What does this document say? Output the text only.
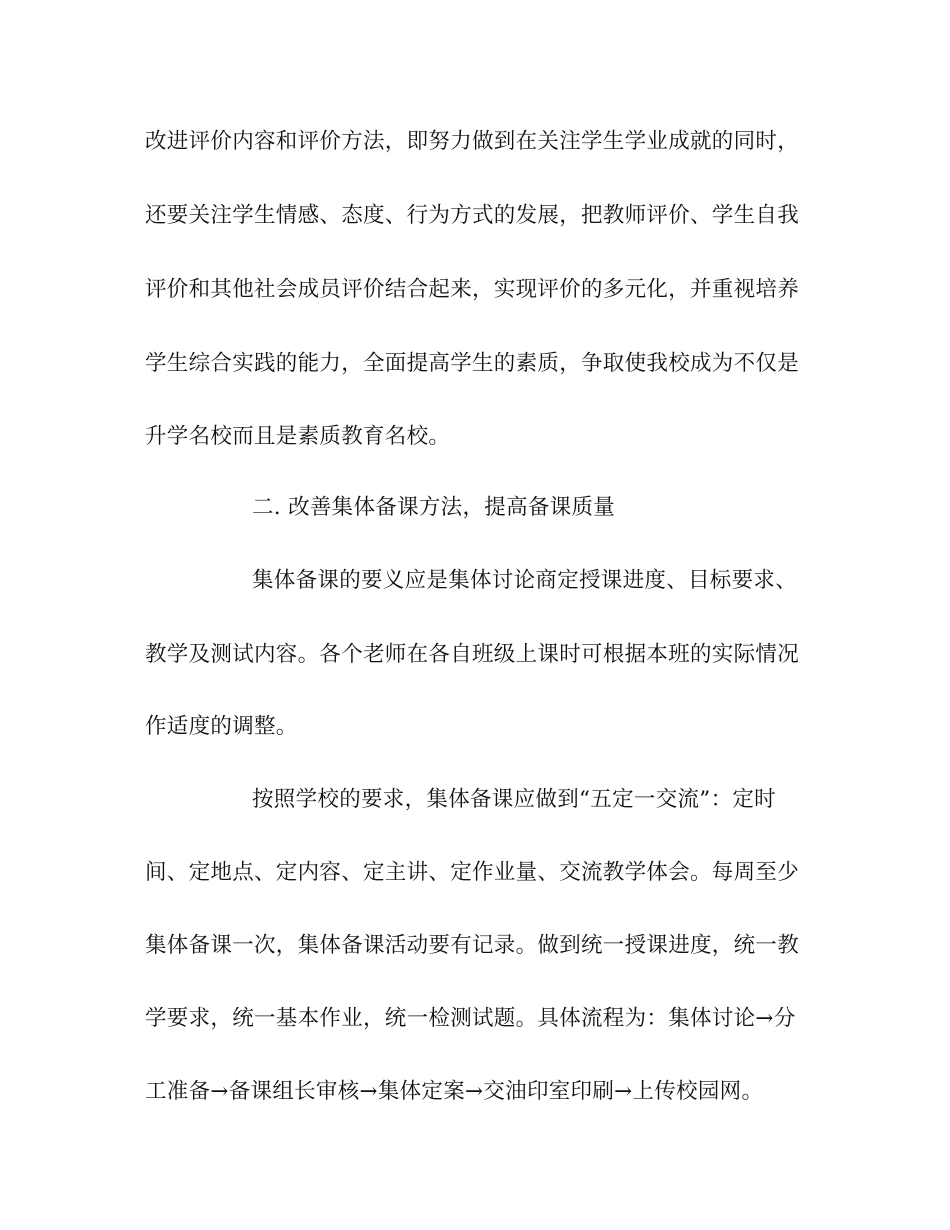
改进评价内容和评价方法，即努力做到在关注学生学业成就的同时，
还要关注学生情感、态度、行为方式的发展，把教师评价、学生自我
评价和其他社会成员评价结合起来，实现评价的多元化，并重视培养
学生综合实践的能力，全面提高学生的素质，争取使我校成为不仅是
升学名校而且是素质教育名校。
二. 改善集体备课方法，提高备课质量
集体备课的要义应是集体讨论商定授课进度、目标要求、
教学及测试内容。各个老师在各自班级上课时可根据本班的实际情况
作适度的调整。
按照学校的要求，集体备课应做到“五定一交流”：定时
间、定地点、定内容、定主讲、定作业量、交流教学体会。每周至少
集体备课一次，集体备课活动要有记录。做到统一授课进度，统一教
学要求，统一基本作业，统一检测试题。具体流程为：集体讨论→分
工准备→备课组长审核→集体定案→交油印室印刷→上传校园网。
